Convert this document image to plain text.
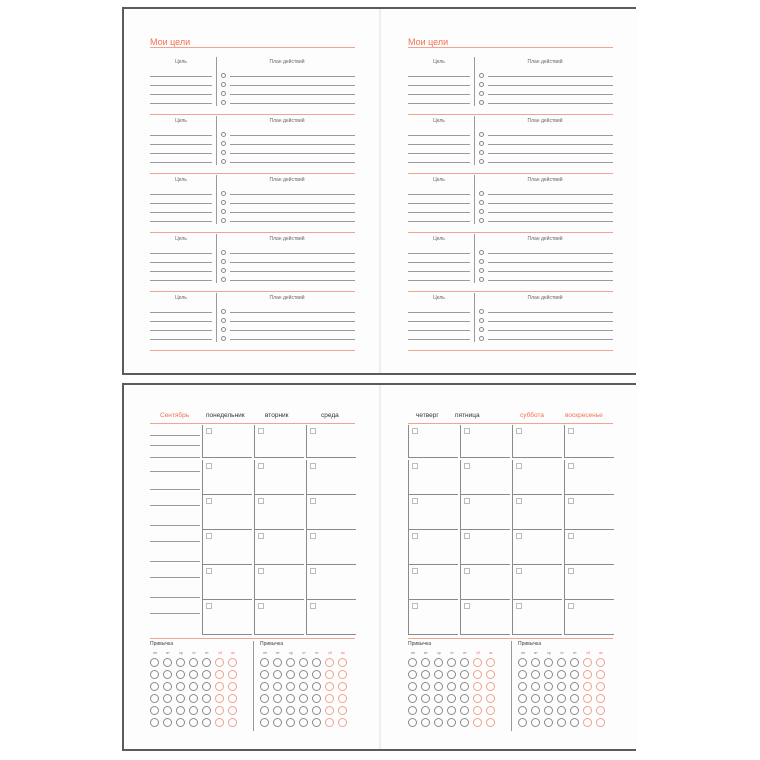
Мои цели
Цель	План действий
Цель	План действий
Цель	План действий
Цель	План действий
Цель	План действий
Мои цели
Цель	План действий
Цель	План действий
Цель	План действий
Цель	План действий
Цель	План действий
Сентябрь	понедельник	вторник	среда
Привычка	Привычка
пн	вт	ср	чт	пт	сб	вс	пн	вт	ср	чт	пт	сб	вс
четверг	пятница	суббота	воскресенье
Привычка	Привычка
пн	вт	ср	чт	пт	сб	вс	пн	вт	ср	чт	пт	сб	вс
